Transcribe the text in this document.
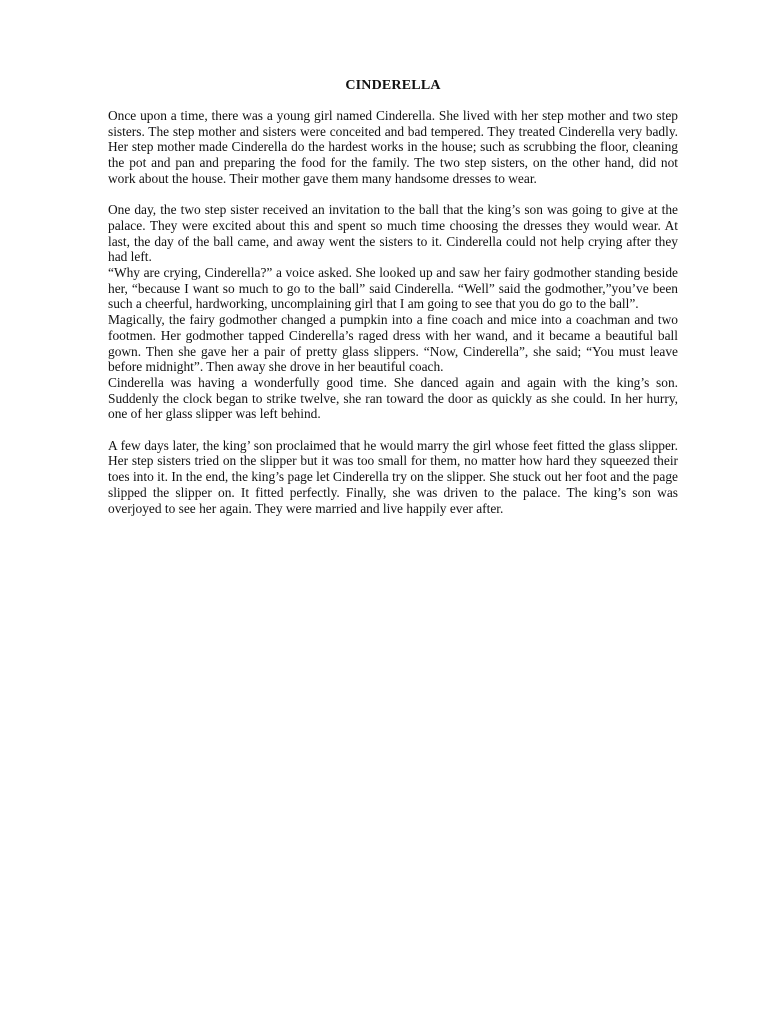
CINDERELLA

Once upon a time, there was a young girl named Cinderella. She lived with her step mother and two step sisters. The step mother and sisters were conceited and bad tempered. They treated Cinderella very badly. Her step mother made Cinderella do the hardest works in the house; such as scrubbing the floor, cleaning the pot and pan and preparing the food for the family. The two step sisters, on the other hand, did not work about the house. Their mother gave them many handsome dresses to wear.

One day, the two step sister received an invitation to the ball that the king’s son was going to give at the palace. They were excited about this and spent so much time choosing the dresses they would wear. At last, the day of the ball came, and away went the sisters to it. Cinderella could not help crying after they had left.

“Why are crying, Cinderella?” a voice asked. She looked up and saw her fairy godmother standing beside her, “because I want so much to go to the ball” said Cinderella. “Well” said the godmother,”you’ve been such a cheerful, hardworking, uncomplaining girl that I am going to see that you do go to the ball”.

Magically, the fairy godmother changed a pumpkin into a fine coach and mice into a coachman and two footmen. Her godmother tapped Cinderella’s raged dress with her wand, and it became a beautiful ball gown. Then she gave her a pair of pretty glass slippers. “Now, Cinderella”, she said; “You must leave before midnight”. Then away she drove in her beautiful coach.

Cinderella was having a wonderfully good time. She danced again and again with the king’s son. Suddenly the clock began to strike twelve, she ran toward the door as quickly as she could. In her hurry, one of her glass slipper was left behind.

A few days later, the king’ son proclaimed that he would marry the girl whose feet fitted the glass slipper. Her step sisters tried on the slipper but it was too small for them, no matter how hard they squeezed their toes into it. In the end, the king’s page let Cinderella try on the slipper. She stuck out her foot and the page slipped the slipper on. It fitted perfectly. Finally, she was driven to the palace. The king’s son was overjoyed to see her again. They were married and live happily ever after.
